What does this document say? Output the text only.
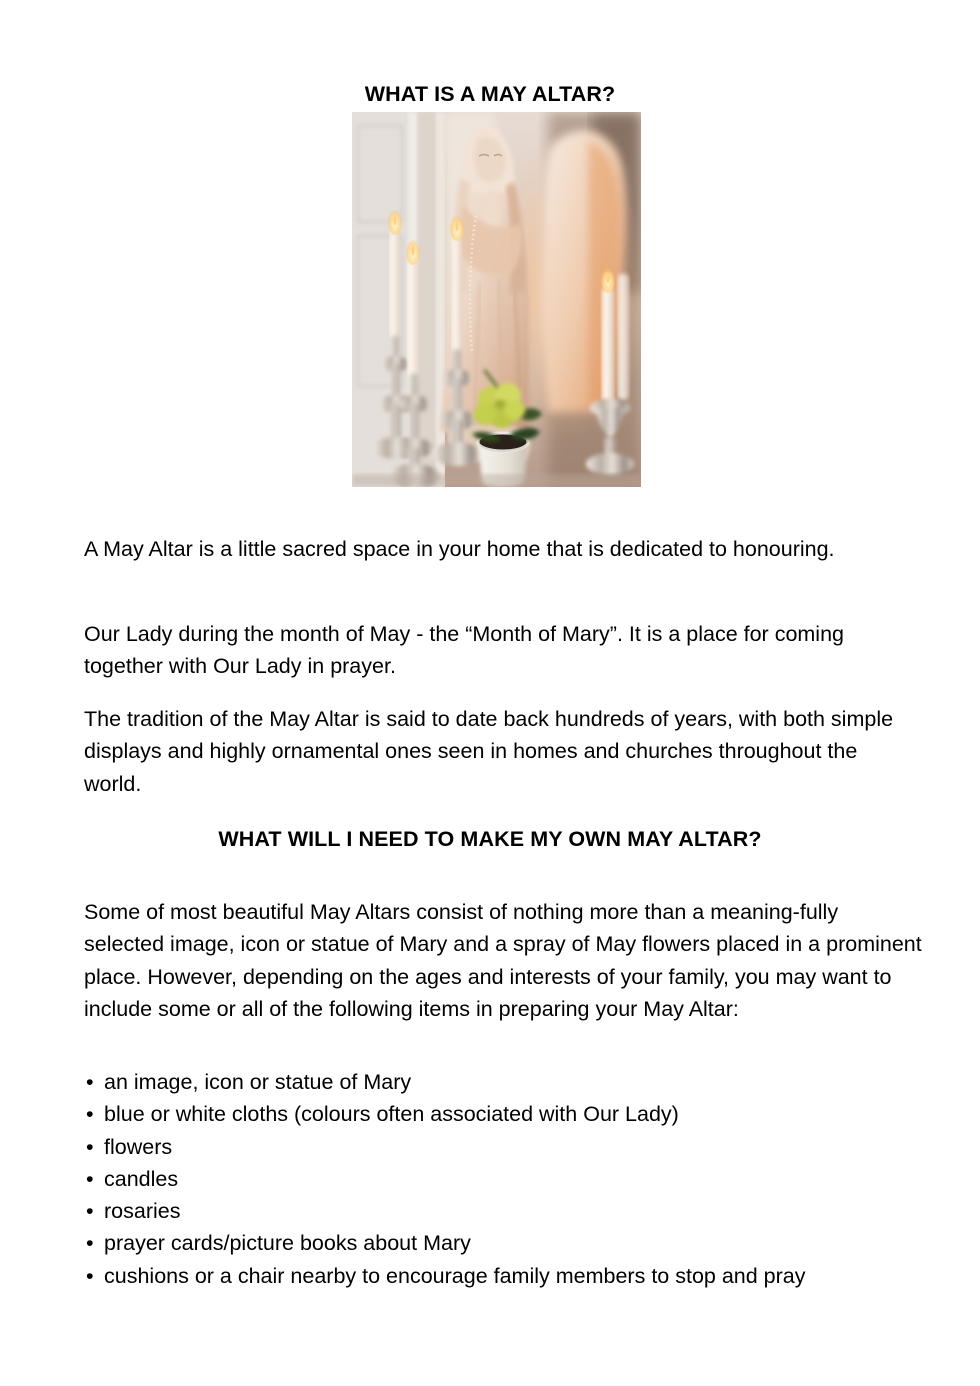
WHAT IS A MAY ALTAR?

A May Altar is a little sacred space in your home that is dedicated to honouring.

Our Lady during the month of May - the “Month of Mary”. It is a place for coming together with Our Lady in prayer.

The tradition of the May Altar is said to date back hundreds of years, with both simple displays and highly ornamental ones seen in homes and churches throughout the world.

WHAT WILL I NEED TO MAKE MY OWN MAY ALTAR?

Some of most beautiful May Altars consist of nothing more than a meaning-fully selected image, icon or statue of Mary and a spray of May flowers placed in a prominent place. However, depending on the ages and interests of your family, you may want to include some or all of the following items in preparing your May Altar:

• an image, icon or statue of Mary
• blue or white cloths (colours often associated with Our Lady)
• flowers
• candles
• rosaries
• prayer cards/picture books about Mary
• cushions or a chair nearby to encourage family members to stop and pray
